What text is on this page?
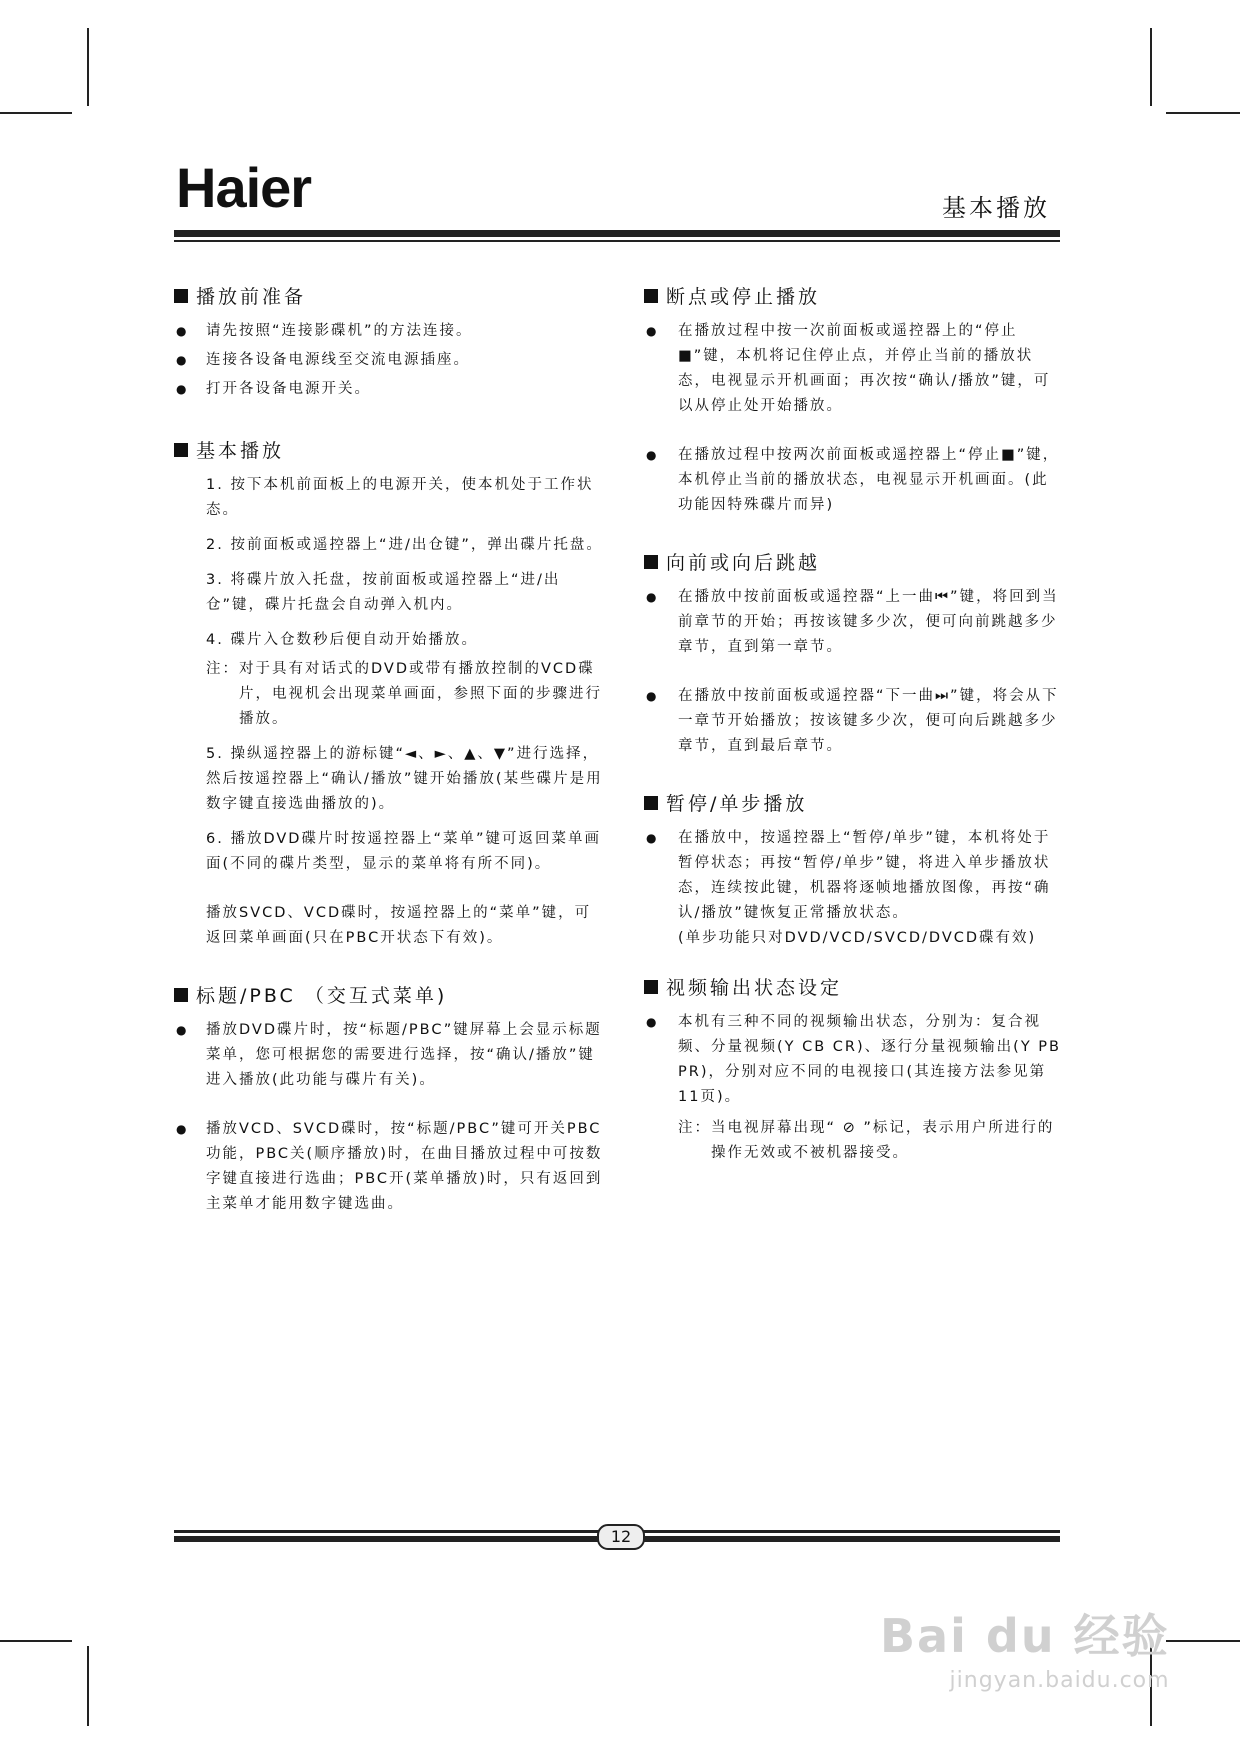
Haier	基本播放
播放前准备

● 请先按照“连接影碟机”的方法连接。

● 连接各设备电源线至交流电源插座。

● 打开各设备电源开关。

基本播放

1. 按下本机前面板上的电源开关，使本机处于工作状态。

2. 按前面板或遥控器上“进/出仓键”，弹出碟片托盘。

3. 将碟片放入托盘，按前面板或遥控器上“进/出仓”键，碟片托盘会自动弹入机内。

4. 碟片入仓数秒后便自动开始播放。

注： 对于具有对话式的DVD或带有播放控制的VCD碟片，电视机会出现菜单画面，参照下面的步骤进行播放。

5. 操纵遥控器上的游标键“◄、►、▲、▼”进行选择，然后按遥控器上“确认/播放”键开始播放(某些碟片是用数字键直接选曲播放的)。

6. 播放DVD碟片时按遥控器上“菜单”键可返回菜单画面(不同的碟片类型，显示的菜单将有所不同)。

播放SVCD、VCD碟时，按遥控器上的“菜单”键，可返回菜单画面(只在PBC开状态下有效)。

标题/PBC （交互式菜单)

● 播放DVD碟片时，按“标题/PBC”键屏幕上会显示标题菜单，您可根据您的需要进行选择，按“确认/播放”键进入播放(此功能与碟片有关)。

● 播放VCD、SVCD碟时，按“标题/PBC”键可开关PBC功能，PBC关(顺序播放)时，在曲目播放过程中可按数字键直接进行选曲；PBC开(菜单播放)时，只有返回到主菜单才能用数字键选曲。

断点或停止播放

● 在播放过程中按一次前面板或遥控器上的“停止■”键，本机将记住停止点，并停止当前的播放状态，电视显示开机画面；再次按“确认/播放”键，可以从停止处开始播放。

● 在播放过程中按两次前面板或遥控器上“停止■”键，本机停止当前的播放状态，电视显示开机画面。(此功能因特殊碟片而异)

向前或向后跳越

● 在播放中按前面板或遥控器“上一曲⏮”键，将回到当前章节的开始；再按该键多少次，便可向前跳越多少章节，直到第一章节。

● 在播放中按前面板或遥控器“下一曲⏭”键，将会从下一章节开始播放；按该键多少次，便可向后跳越多少章节，直到最后章节。

暂停/单步播放

● 在播放中，按遥控器上“暂停/单步”键，本机将处于暂停状态；再按“暂停/单步”键，将进入单步播放状态，连续按此键，机器将逐帧地播放图像，再按“确认/播放”键恢复正常播放状态。

(单步功能只对DVD/VCD/SVCD/DVCD碟有效)

视频输出状态设定

● 本机有三种不同的视频输出状态，分别为：复合视频、分量视频(Y CB CR)、逐行分量视频输出(Y PB PR)，分别对应不同的电视接口(其连接方法参见第11页)。

注： 当电视屏幕出现“ ⊘ ”标记，表示用户所进行的操作无效或不被机器接受。

12
Bai du 经验
jingyan.baidu.com
